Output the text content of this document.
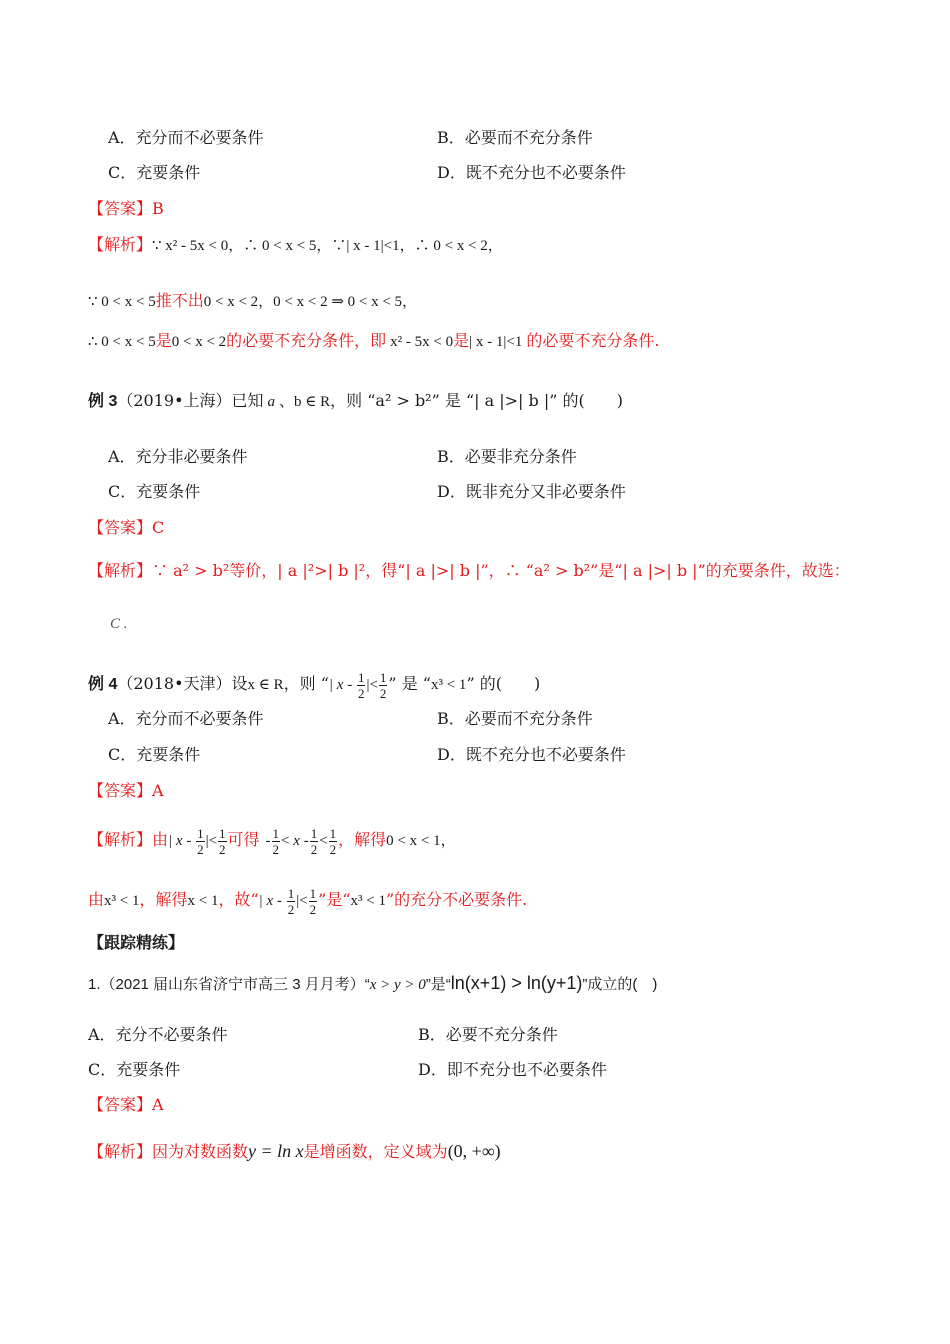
A．充分而不必要条件	B．必要而不充分条件
C．充要条件	D．既不充分也不必要条件
【答案】B
【解析】∵ x² - 5x < 0，∴ 0 < x < 5，∵| x - 1|<1，∴ 0 < x < 2，
∵ 0 < x < 5推不出0 < x < 2，0 < x < 2 ⇒ 0 < x < 5，
∴ 0 < x < 5是0 < x < 2的必要不充分条件，即 x² - 5x < 0是| x - 1|<1 的必要不充分条件.
例 3（2019•上海）已知 a 、b ∈ R，则 “a² > b²” 是 “| a |>| b |” 的(　　)
A．充分非必要条件	B．必要非充分条件
C．充要条件	D．既非充分又非必要条件
【答案】C
【解析】∵ a² > b²等价，| a |²>| b |²，得“| a |>| b |”，∴ “a² > b²”是“| a |>| b |”的充要条件，故选：
C .
例 4（2018•天津）设x ∈ R，则 “| x - $\frac{1}{2}$ |< $\frac{1}{2}$ ” 是 “x³ < 1” 的(　　)
A．充分而不必要条件	B．必要而不充分条件
C．充要条件	D．既不充分也不必要条件
【答案】A
【解析】由| x - $\frac{1}{2}$ |< $\frac{1}{2}$ 可得 - $\frac{1}{2} < x - \frac{1}{2} < \frac{1}{2}$ ，解得0 < x < 1，
由x³ < 1，解得x < 1，故“| x - $\frac{1}{2}$ |< $\frac{1}{2}$ ”是“x³ < 1”的充分不必要条件.
【跟踪精练】
1.（2021 届山东省济宁市高三 3 月月考）“x > y > 0”是“ln(x+1) > ln(y+1)”成立的(　)
A．充分不必要条件	B．必要不充分条件
C．充要条件	D．即不充分也不必要条件
【答案】A
【解析】因为对数函数y = ln x是增函数，定义域为(0, +∞)
